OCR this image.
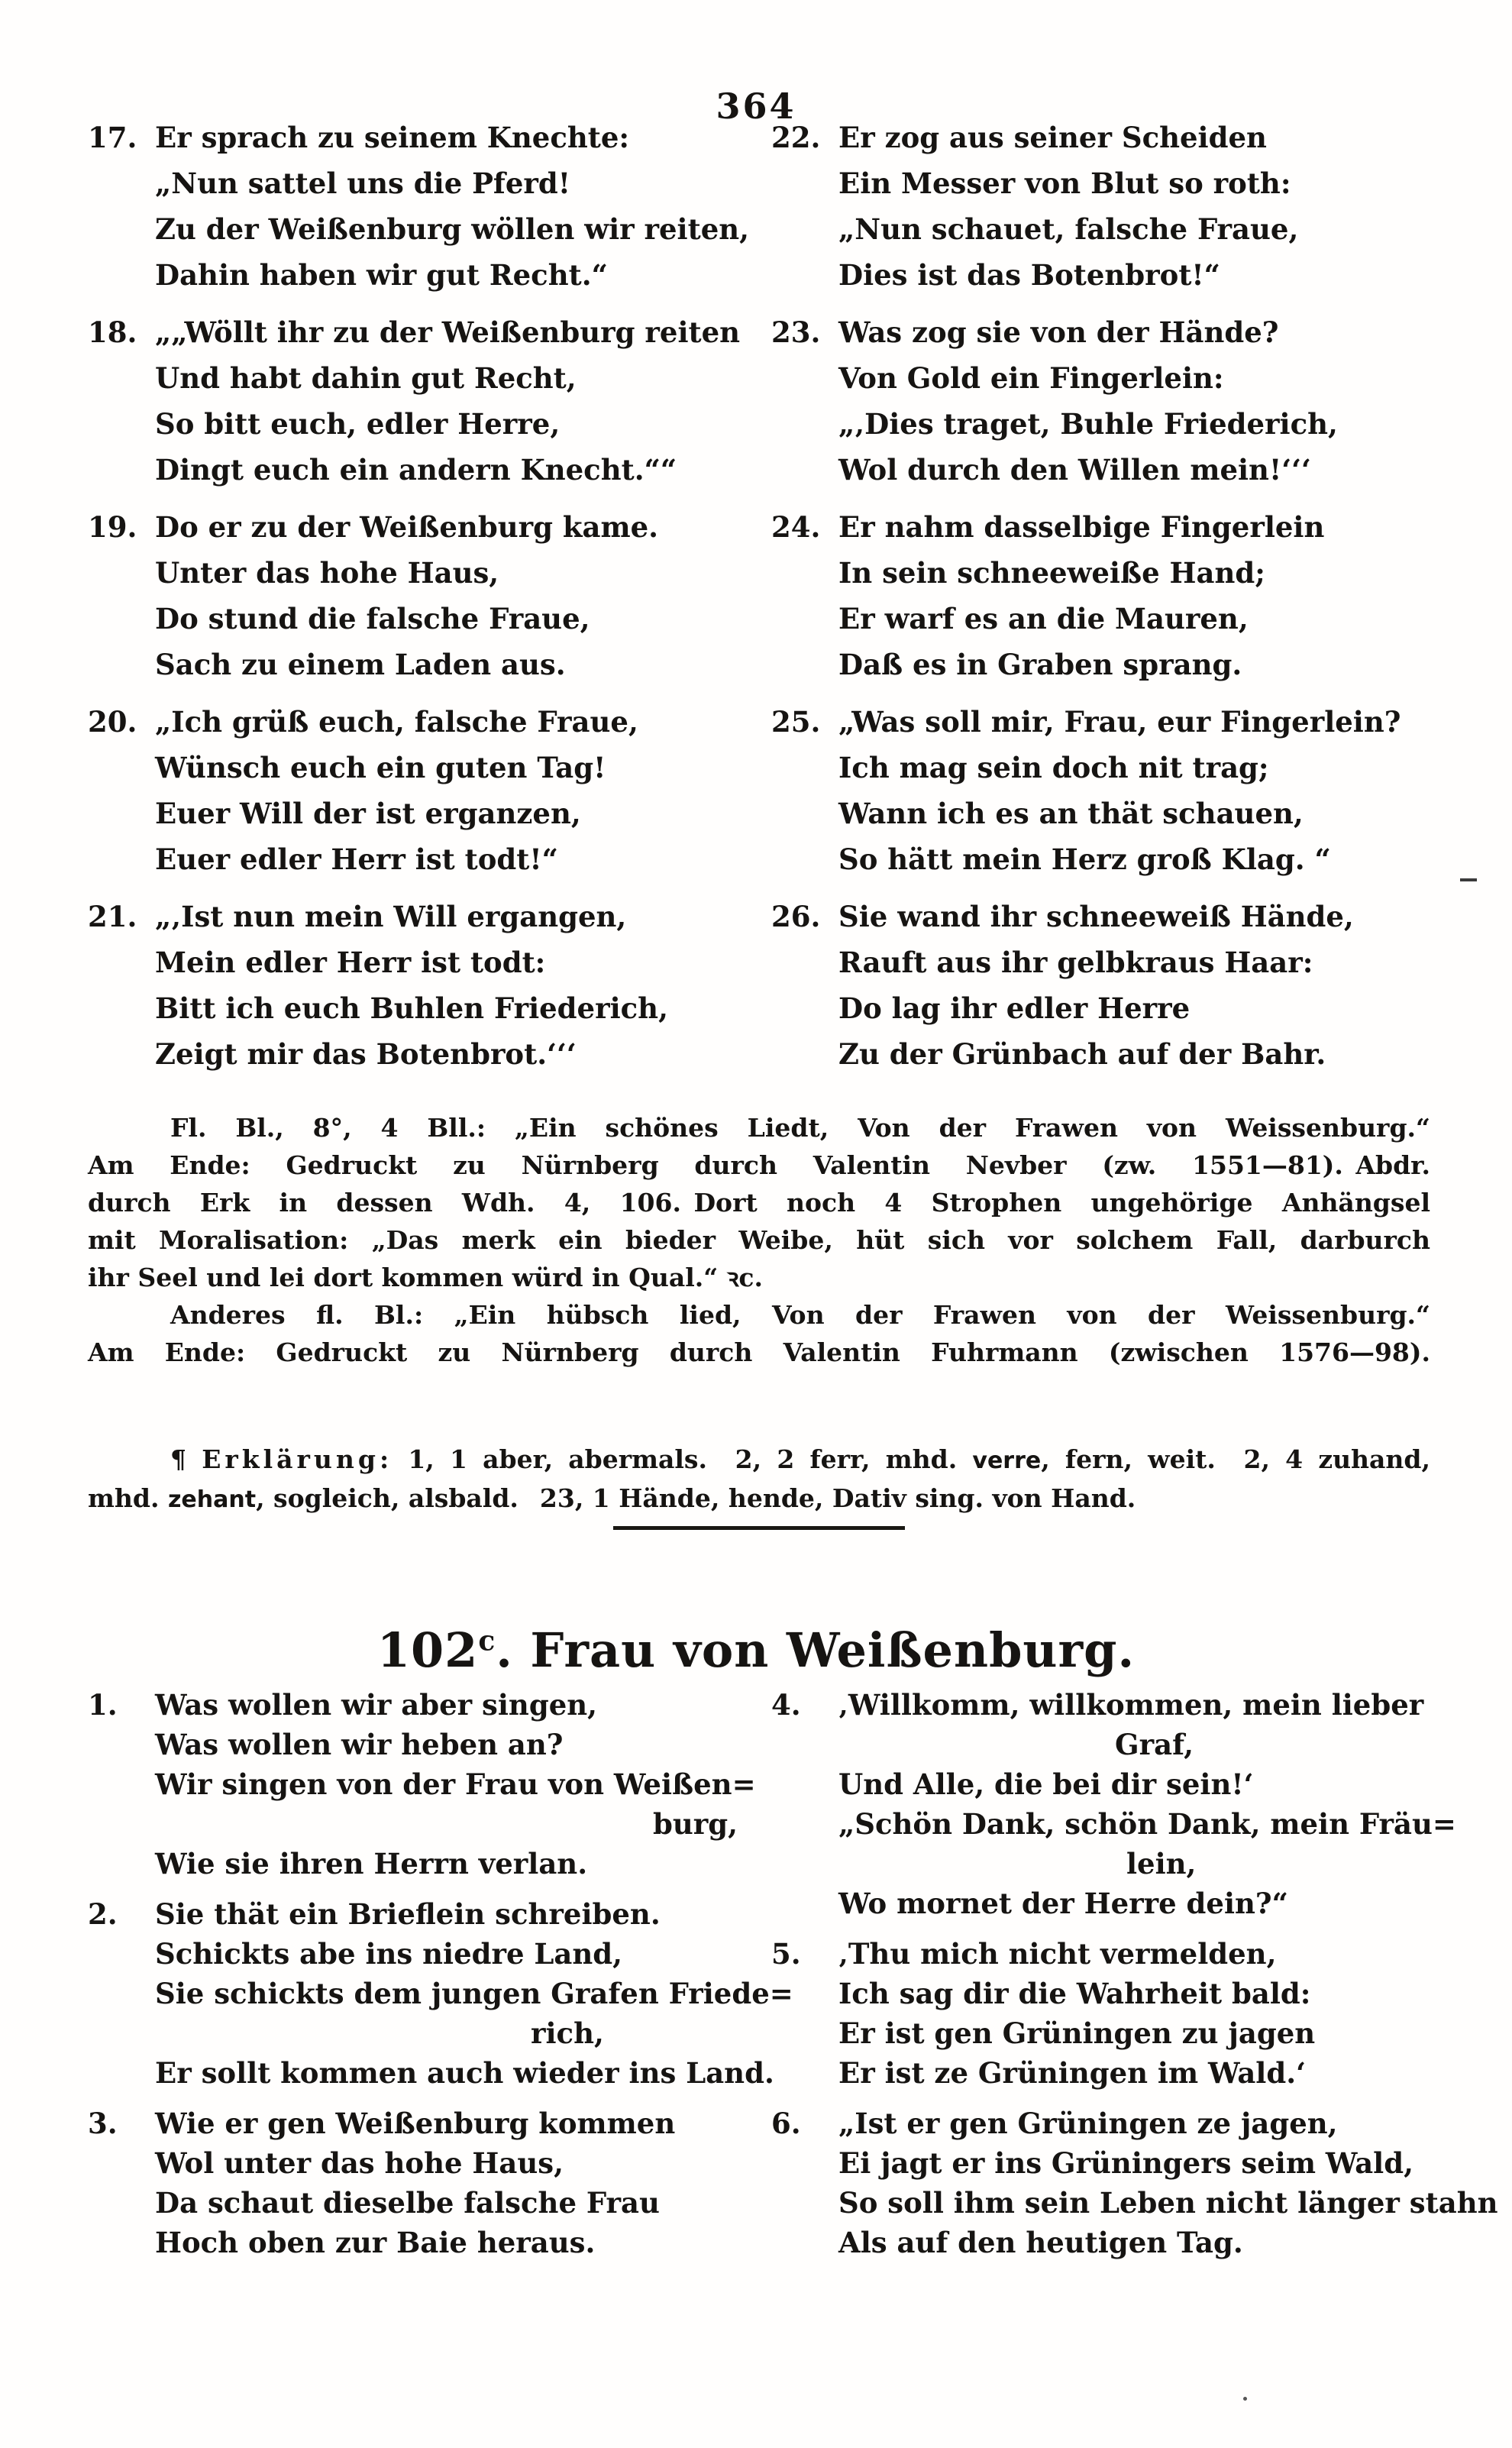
364
17. Er sprach zu seinem Knechte:
„Nun sattel uns die Pferd!
Zu der Weißenburg wöllen wir reiten,
Dahin haben wir gut Recht.“
18. „„Wöllt ihr zu der Weißenburg reiten
Und habt dahin gut Recht,
So bitt euch, edler Herre,
Dingt euch ein andern Knecht.““
19. Do er zu der Weißenburg kame.
Unter das hohe Haus,
Do stund die falsche Fraue,
Sach zu einem Laden aus.
20. „Ich grüß euch, falsche Fraue,
Wünsch euch ein guten Tag!
Euer Will der ist erganzen,
Euer edler Herr ist todt!“
21. „‚Ist nun mein Will ergangen,
Mein edler Herr ist todt:
Bitt ich euch Buhlen Friederich,
Zeigt mir das Botenbrot.‘‘‘
22. Er zog aus seiner Scheiden
Ein Messer von Blut so roth:
„Nun schauet, falsche Fraue,
Dies ist das Botenbrot!“
23. Was zog sie von der Hände?
Von Gold ein Fingerlein:
„‚Dies traget, Buhle Friederich,
Wol durch den Willen mein!‘‘‘
24. Er nahm dasselbige Fingerlein
In sein schneeweiße Hand;
Er warf es an die Mauren,
Daß es in Graben sprang.
25. „Was soll mir, Frau, eur Fingerlein?
Ich mag sein doch nit trag;
Wann ich es an thät schauen,
So hätt mein Herz groß Klag. “
26. Sie wand ihr schneeweiß Hände,
Rauft aus ihr gelbkraus Haar:
Do lag ihr edler Herre
Zu der Grünbach auf der Bahr.

Fl. Bl., 8°, 4 Bll.: „Ein schönes Liedt, Von der Frawen von Weissenburg.“

Am Ende: Gedruckt zu Nürnberg durch Valentin Nevber (zw. 1551—81). Abdr.

durch Erk in dessen Wdh. 4, 106. Dort noch 4 Strophen ungehörige Anhängsel

mit Moralisation: „Das merk ein bieder Weibe, hüt sich vor solchem Fall, darburch

ihr Seel und lei dort kommen würd in Qual.“ ꝛc.

Anderes fl. Bl.: „Ein hübsch lied, Von der Frawen von der Weissenburg.“

Am Ende: Gedruckt zu Nürnberg durch Valentin Fuhrmann (zwischen 1576—98).

¶ Erklärung: 1, 1 aber, abermals.  2, 2 ferr, mhd. verre, fern, weit.  2, 4 zuhand,

mhd. zehant, sogleich, alsbald.  23, 1 Hände, hende, Dativ sing. von Hand.

102$^c$. Frau von Weißenburg.
1. Was wollen wir aber singen,
Was wollen wir heben an?
Wir singen von der Frau von Weißen=
burg,
Wie sie ihren Herrn verlan.
2. Sie thät ein Brieflein schreiben.
Schickts abe ins niedre Land,
Sie schickts dem jungen Grafen Friede=
rich,
Er sollt kommen auch wieder ins Land.
3. Wie er gen Weißenburg kommen
Wol unter das hohe Haus,
Da schaut dieselbe falsche Frau
Hoch oben zur Baie heraus.
4. ‚Willkomm, willkommen, mein lieber
Graf,
Und Alle, die bei dir sein!‘
„Schön Dank, schön Dank, mein Fräu=
lein,
Wo mornet der Herre dein?“
5. ‚Thu mich nicht vermelden,
Ich sag dir die Wahrheit bald:
Er ist gen Grüningen zu jagen
Er ist ze Grüningen im Wald.‘
6. „Ist er gen Grüningen ze jagen,
Ei jagt er ins Grüningers seim Wald,
So soll ihm sein Leben nicht länger stahn
Als auf den heutigen Tag.
